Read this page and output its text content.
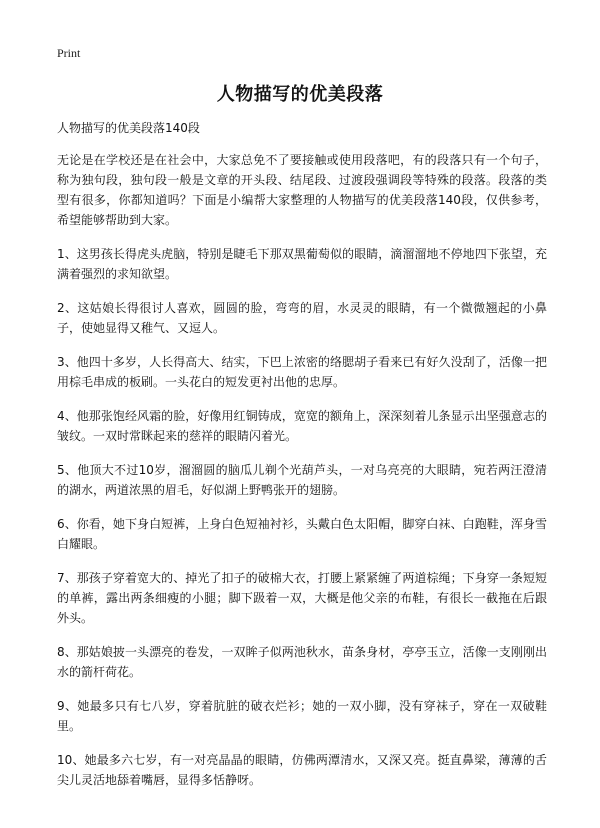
Print
人物描写的优美段落

人物描写的优美段落140段

无论是在学校还是在社会中，大家总免不了要接触或使用段落吧，有的段落只有一个句子，称为独句段，独句段一般是文章的开头段、结尾段、过渡段强调段等特殊的段落。段落的类型有很多，你都知道吗？下面是小编帮大家整理的人物描写的优美段落140段，仅供参考，希望能够帮助到大家。

1、这男孩长得虎头虎脑，特别是睫毛下那双黑葡萄似的眼睛，滴溜溜地不停地四下张望，充满着强烈的求知欲望。

2、这姑娘长得很讨人喜欢，圆圆的脸，弯弯的眉，水灵灵的眼睛，有一个微微翘起的小鼻子，使她显得又稚气、又逗人。

3、他四十多岁，人长得高大、结实，下巴上浓密的络腮胡子看来已有好久没刮了，活像一把用棕毛串成的板刷。一头花白的短发更衬出他的忠厚。

4、他那张饱经风霜的脸，好像用红铜铸成，宽宽的额角上，深深刻着儿条显示出坚强意志的皱纹。一双时常眯起来的慈祥的眼睛闪着光。

5、他顶大不过10岁，溜溜圆的脑瓜儿剃个光葫芦头，一对乌亮亮的大眼睛，宛若两汪澄清的湖水，两道浓黑的眉毛，好似湖上野鸭张开的翅膀。

6、你看，她下身白短裤，上身白色短袖衬衫，头戴白色太阳帽，脚穿白袜、白跑鞋，浑身雪白耀眼。

7、那孩子穿着宽大的、掉光了扣子的破棉大衣，打腰上紧紧缠了两道棕绳；下身穿一条短短的单裤，露出两条细瘦的小腿；脚下趿着一双，大概是他父亲的布鞋，有很长一截拖在后跟外头。

8、那姑娘披一头漂亮的卷发，一双眸子似两池秋水，苗条身材，亭亭玉立，活像一支刚刚出水的箭杆荷花。

9、她最多只有七八岁，穿着肮脏的破衣烂衫；她的一双小脚，没有穿袜子，穿在一双破鞋里。

10、她最多六七岁，有一对亮晶晶的眼睛，仿佛两潭清水，又深又亮。挺直鼻梁，薄薄的舌尖儿灵活地舔着嘴唇，显得多恬静呀。
